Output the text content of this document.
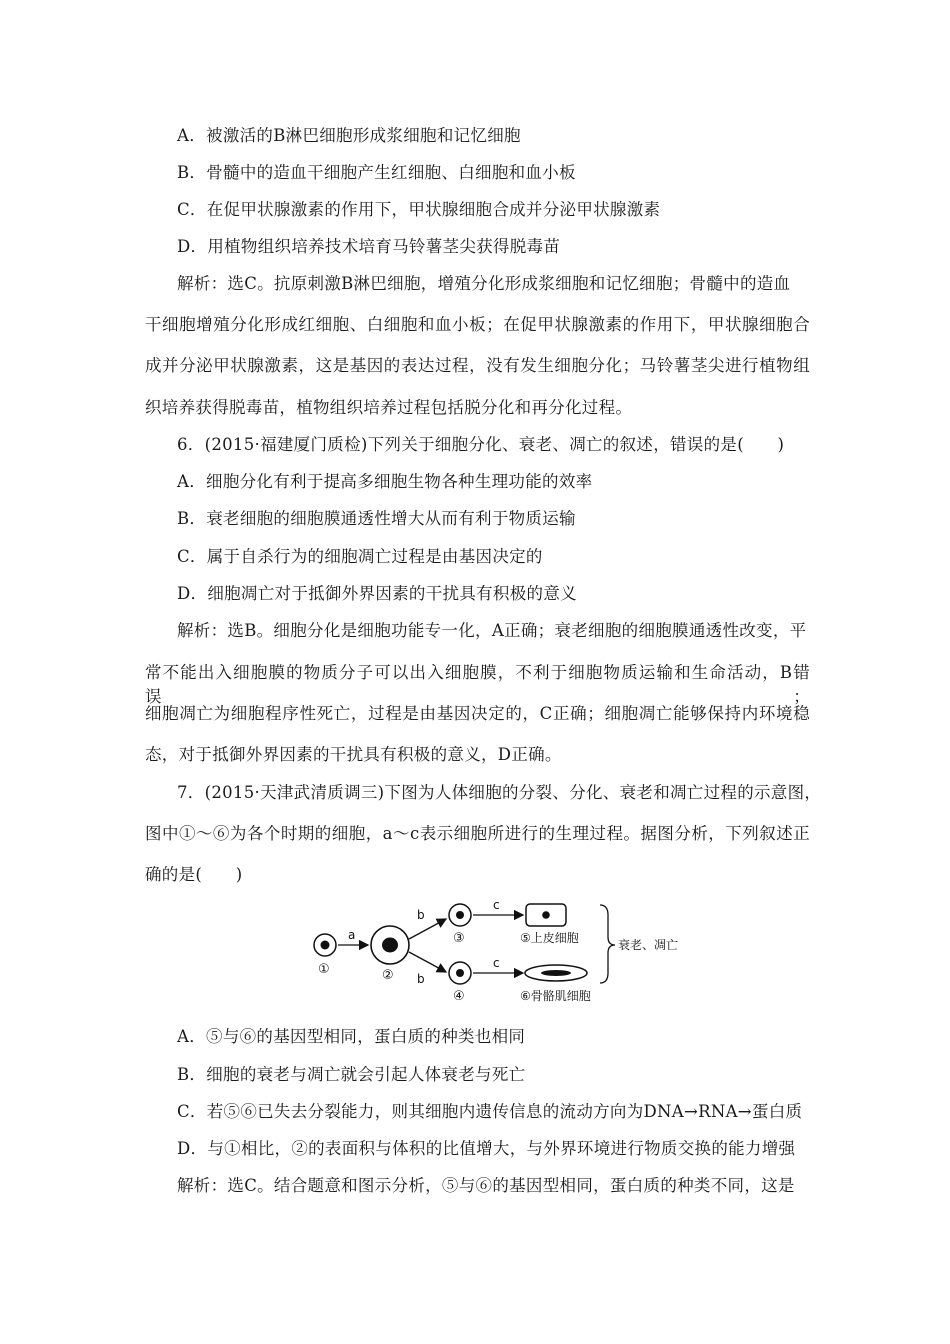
A．被激活的B淋巴细胞形成浆细胞和记忆细胞
B．骨髓中的造血干细胞产生红细胞、白细胞和血小板
C．在促甲状腺激素的作用下，甲状腺细胞合成并分泌甲状腺激素
D．用植物组织培养技术培育马铃薯茎尖获得脱毒苗
解析：选C。抗原刺激B淋巴细胞，增殖分化形成浆细胞和记忆细胞；骨髓中的造血
干细胞增殖分化形成红细胞、白细胞和血小板；在促甲状腺激素的作用下，甲状腺细胞合
成并分泌甲状腺激素，这是基因的表达过程，没有发生细胞分化；马铃薯茎尖进行植物组
织培养获得脱毒苗，植物组织培养过程包括脱分化和再分化过程。
6．(2015·福建厦门质检)下列关于细胞分化、衰老、凋亡的叙述，错误的是(　　)
A．细胞分化有利于提高多细胞生物各种生理功能的效率
B．衰老细胞的细胞膜通透性增大从而有利于物质运输
C．属于自杀行为的细胞凋亡过程是由基因决定的
D．细胞凋亡对于抵御外界因素的干扰具有积极的意义
解析：选B。细胞分化是细胞功能专一化，A正确；衰老细胞的细胞膜通透性改变，平
常不能出入细胞膜的物质分子可以出入细胞膜，不利于细胞物质运输和生命活动，B错误；
细胞凋亡为细胞程序性死亡，过程是由基因决定的，C正确；细胞凋亡能够保持内环境稳
态，对于抵御外界因素的干扰具有积极的意义，D正确。
7．(2015·天津武清质调三)下图为人体细胞的分裂、分化、衰老和凋亡过程的示意图，
图中①～⑥为各个时期的细胞，a～c表示细胞所进行的生理过程。据图分析，下列叙述正
确的是(　　)
①
a
②
b
b
③
④
c
c
⑤上皮细胞
⑥骨骼肌细胞
衰老、凋亡
A．⑤与⑥的基因型相同，蛋白质的种类也相同
B．细胞的衰老与凋亡就会引起人体衰老与死亡
C．若⑤⑥已失去分裂能力，则其细胞内遗传信息的流动方向为DNA→RNA→蛋白质
D．与①相比，②的表面积与体积的比值增大，与外界环境进行物质交换的能力增强
解析：选C。结合题意和图示分析，⑤与⑥的基因型相同，蛋白质的种类不同，这是
